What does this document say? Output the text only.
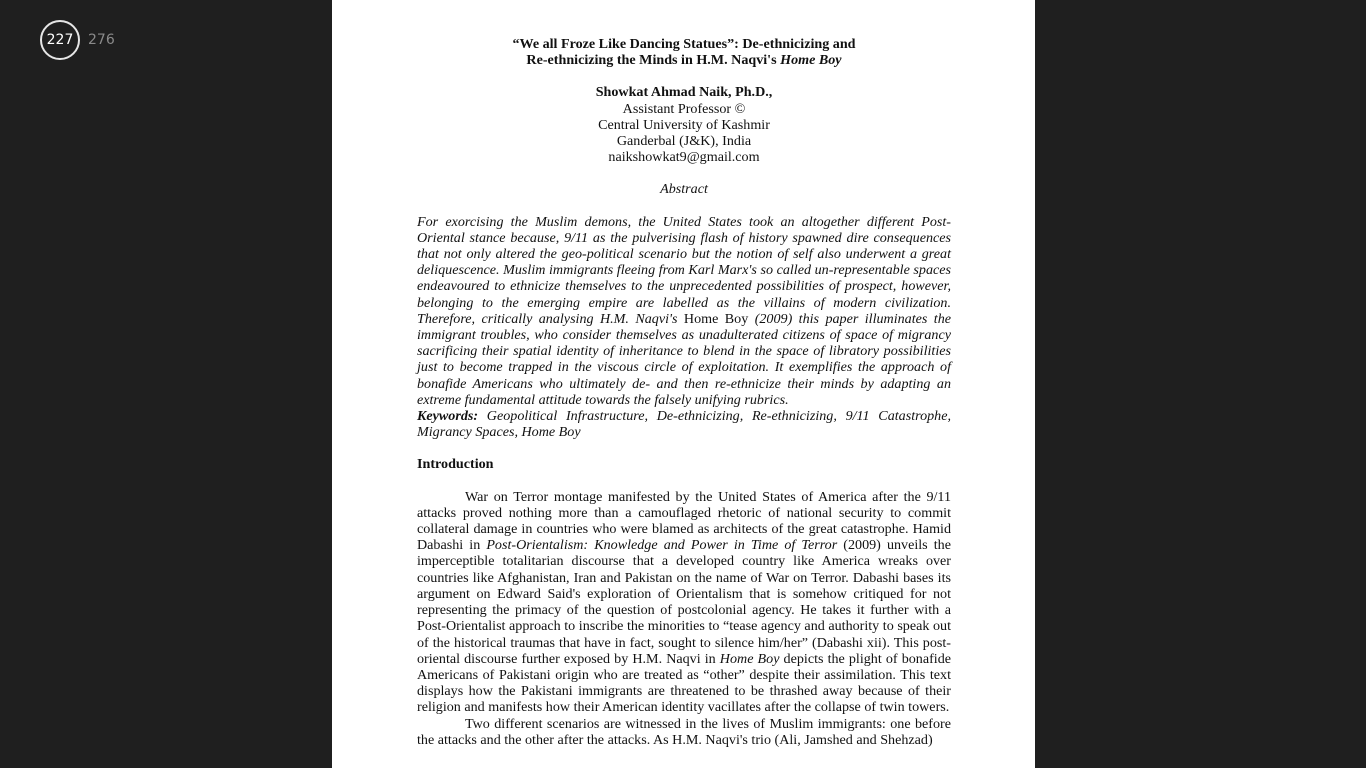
227	276	“We all Froze Like Dancing Statues”: De-ethnicizing and
Re-ethnicizing the Minds in H.M. Naqvi's Home Boy
Showkat Ahmad Naik, Ph.D.,
Assistant Professor ©
Central University of Kashmir
Ganderbal (J&K), India
naikshowkat9@gmail.com
Abstract
For exorcising the Muslim demons, the United States took an altogether different Post-Oriental stance because, 9/11 as the pulverising flash of history spawned dire consequences that not only altered the geo-political scenario but the notion of self also underwent a great deliquescence. Muslim immigrants fleeing from Karl Marx's so called un-representable spaces endeavoured to ethnicize themselves to the unprecedented possibilities of prospect, however, belonging to the emerging empire are labelled as the villains of modern civilization. Therefore, critically analysing H.M. Naqvi's Home Boy (2009) this paper illuminates the immigrant troubles, who consider themselves as unadulterated citizens of space of migrancy sacrificing their spatial identity of inheritance to blend in the space of libratory possibilities just to become trapped in the viscous circle of exploitation. It exemplifies the approach of bonafide Americans who ultimately de- and then re-ethnicize their minds by adapting an extreme fundamental attitude towards the falsely unifying rubrics.
Keywords: Geopolitical Infrastructure, De-ethnicizing, Re-ethnicizing, 9/11 Catastrophe, Migrancy Spaces, Home Boy
Introduction
War on Terror montage manifested by the United States of America after the 9/11 attacks proved nothing more than a camouflaged rhetoric of national security to commit collateral damage in countries who were blamed as architects of the great catastrophe. Hamid Dabashi in Post-Orientalism: Knowledge and Power in Time of Terror (2009) unveils the imperceptible totalitarian discourse that a developed country like America wreaks over countries like Afghanistan, Iran and Pakistan on the name of War on Terror. Dabashi bases its argument on Edward Said's exploration of Orientalism that is somehow critiqued for not representing the primacy of the question of postcolonial agency. He takes it further with a Post-Orientalist approach to inscribe the minorities to “tease agency and authority to speak out of the historical traumas that have in fact, sought to silence him/her” (Dabashi xii). This post-oriental discourse further exposed by H.M. Naqvi in Home Boy depicts the plight of bonafide Americans of Pakistani origin who are treated as “other” despite their assimilation. This text displays how the Pakistani immigrants are threatened to be thrashed away because of their religion and manifests how their American identity vacillates after the collapse of twin towers.
Two different scenarios are witnessed in the lives of Muslim immigrants: one before the attacks and the other after the attacks. As H.M. Naqvi's trio (Ali, Jamshed and Shehzad)
